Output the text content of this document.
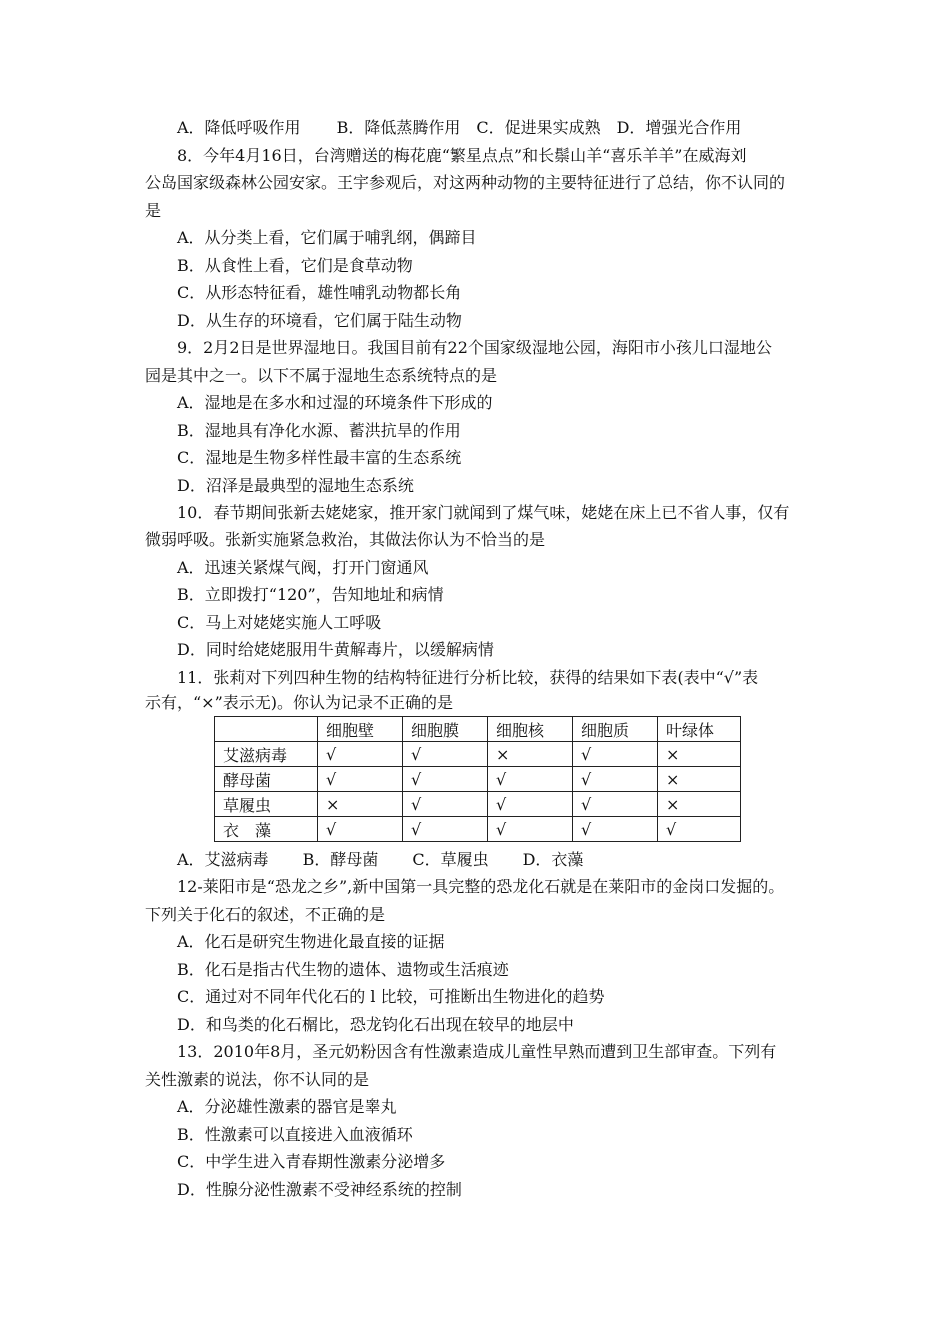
A．降低呼吸作用 B．降低蒸腾作用 C．促进果实成熟 D．增强光合作用
8．今年4月16日，台湾赠送的梅花鹿“繁星点点”和长鬃山羊“喜乐羊羊”在威海刘
公岛国家级森林公园安家。王宇参观后，对这两种动物的主要特征进行了总结，你不认同的
是
A．从分类上看，它们属于哺乳纲，偶蹄目
B．从食性上看，它们是食草动物
C．从形态特征看，雄性哺乳动物都长角
D．从生存的环境看，它们属于陆生动物
9．2月2日是世界湿地日。我国目前有22个国家级湿地公园，海阳市小孩儿口湿地公
园是其中之一。以下不属于湿地生态系统特点的是
A．湿地是在多水和过湿的环境条件下形成的
B．湿地具有净化水源、蓄洪抗旱的作用
C．湿地是生物多样性最丰富的生态系统
D．沼泽是最典型的湿地生态系统
10．春节期间张新去姥姥家，推开家门就闻到了煤气味，姥姥在床上已不省人事，仅有
微弱呼吸。张新实施紧急救治，其做法你认为不恰当的是
A．迅速关紧煤气阀，打开门窗通风
B．立即拨打“120”，告知地址和病情
C．马上对姥姥实施人工呼吸
D．同时给姥姥服用牛黄解毒片，以缓解病情
11．张莉对下列四种生物的结构特征进行分析比较，获得的结果如下表(表中“√”表
示有，“×”表示无)。你认为记录不正确的是
	细胞壁	细胞膜	细胞核	细胞质	叶绿体
艾滋病毒	√	√	×	√	×
酵母菌	√	√	√	√	×
草履虫	×	√	√	√	×
衣　藻	√	√	√	√	√
A．艾滋病毒 B．酵母菌 C．草履虫 D．衣藻
12-莱阳市是“恐龙之乡”,新中国第一具完整的恐龙化石就是在莱阳市的金岗口发掘的。
下列关于化石的叙述，不正确的是
A．化石是研究生物进化最直接的证据
B．化石是指古代生物的遗体、遗物或生活痕迹
C．通过对不同年代化石的 l 比较，可推断出生物进化的趋势
D．和鸟类的化石榍比，恐龙钧化石出现在较早的地层中
13．2010年8月，圣元奶粉因含有性激素造成儿童性早熟而遭到卫生部审查。下列有
关性激素的说法，你不认同的是
A．分泌雄性激素的器官是睾丸
B．性激素可以直接进入血液循环
C．中学生进入青春期性激素分泌增多
D．性腺分泌性激素不受神经系统的控制
